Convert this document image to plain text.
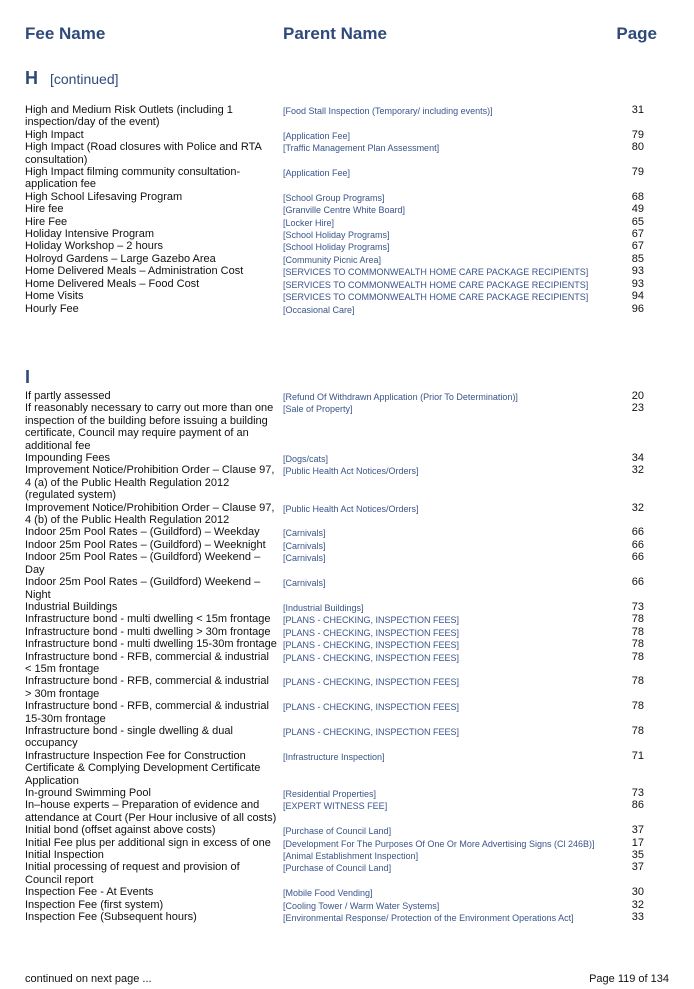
Fee Name	Parent Name	Page
H [continued]
High and Medium Risk Outlets (including 1 inspection/day of the event)
[Food Stall Inspection (Temporary/ including events)]	31
High Impact	[Application Fee]	79
High Impact (Road closures with Police and RTA consultation)
[Traffic Management Plan Assessment]	80
High Impact filming community consultation-application fee
[Application Fee]	79
High School Lifesaving Program	[School Group Programs]	68
Hire fee	[Granville Centre White Board]	49
Hire Fee	[Locker Hire]	65
Holiday Intensive Program	[School Holiday Programs]	67
Holiday Workshop – 2 hours	[School Holiday Programs]	67
Holroyd Gardens – Large Gazebo Area	[Community Picnic Area]	85
Home Delivered Meals – Administration Cost	[SERVICES TO COMMONWEALTH HOME CARE PACKAGE RECIPIENTS]	93
Home Delivered Meals – Food Cost	[SERVICES TO COMMONWEALTH HOME CARE PACKAGE RECIPIENTS]	93
Home Visits	[SERVICES TO COMMONWEALTH HOME CARE PACKAGE RECIPIENTS]	94
Hourly Fee	[Occasional Care]	96
I
If partly assessed	[Refund Of Withdrawn Application (Prior To Determination)]	20
If reasonably necessary to carry out more than one inspection of the building before issuing a building certificate, Council may require payment of an additional fee
[Sale of Property]	23
Impounding Fees	[Dogs/cats]	34
Improvement Notice/Prohibition Order – Clause 97, 4 (a) of the Public Health Regulation 2012 (regulated system)
[Public Health Act Notices/Orders]	32
Improvement Notice/Prohibition Order – Clause 97, 4 (b) of the Public Health Regulation 2012
[Public Health Act Notices/Orders]	32
Indoor 25m Pool Rates – (Guildford) – Weekday	[Carnivals]	66
Indoor 25m Pool Rates – (Guildford) – Weeknight	[Carnivals]	66
Indoor 25m Pool Rates – (Guildford) Weekend – Day
[Carnivals]	66
Indoor 25m Pool Rates – (Guildford) Weekend – Night
[Carnivals]	66
Industrial Buildings	[Industrial Buildings]	73
Infrastructure bond - multi dwelling < 15m frontage	[PLANS - CHECKING, INSPECTION FEES]	78
Infrastructure bond - multi dwelling > 30m frontage	[PLANS - CHECKING, INSPECTION FEES]	78
Infrastructure bond - multi dwelling 15-30m frontage [PLANS - CHECKING, INSPECTION FEES]	78
Infrastructure bond - RFB, commercial & industrial < 15m frontage
[PLANS - CHECKING, INSPECTION FEES]	78
Infrastructure bond - RFB, commercial & industrial > 30m frontage
[PLANS - CHECKING, INSPECTION FEES]	78
Infrastructure bond - RFB, commercial & industrial 15-30m frontage
[PLANS - CHECKING, INSPECTION FEES]	78
Infrastructure bond - single dwelling & dual occupancy
[PLANS - CHECKING, INSPECTION FEES]	78
Infrastructure Inspection Fee for Construction Certificate & Complying Development Certificate Application
[Infrastructure Inspection]	71
In-ground Swimming Pool	[Residential Properties]	73
In–house experts – Preparation of evidence and attendance at Court (Per Hour inclusive of all costs)
[EXPERT WITNESS FEE]	86
Initial bond (offset against above costs)	[Purchase of Council Land]	37
Initial Fee plus per additional sign in excess of one	[Development For The Purposes Of One Or More Advertising Signs (Cl 246B)]	17
Initial Inspection	[Animal Establishment Inspection]	35
Initial processing of request and provision of Council report
[Purchase of Council Land]	37
Inspection Fee - At Events	[Mobile Food Vending]	30
Inspection Fee (first system)	[Cooling Tower / Warm Water Systems]	32
Inspection Fee (Subsequent hours)	[Environmental Response/ Protection of the Environment Operations Act]	33
continued on next page ...	Page 119 of 134
